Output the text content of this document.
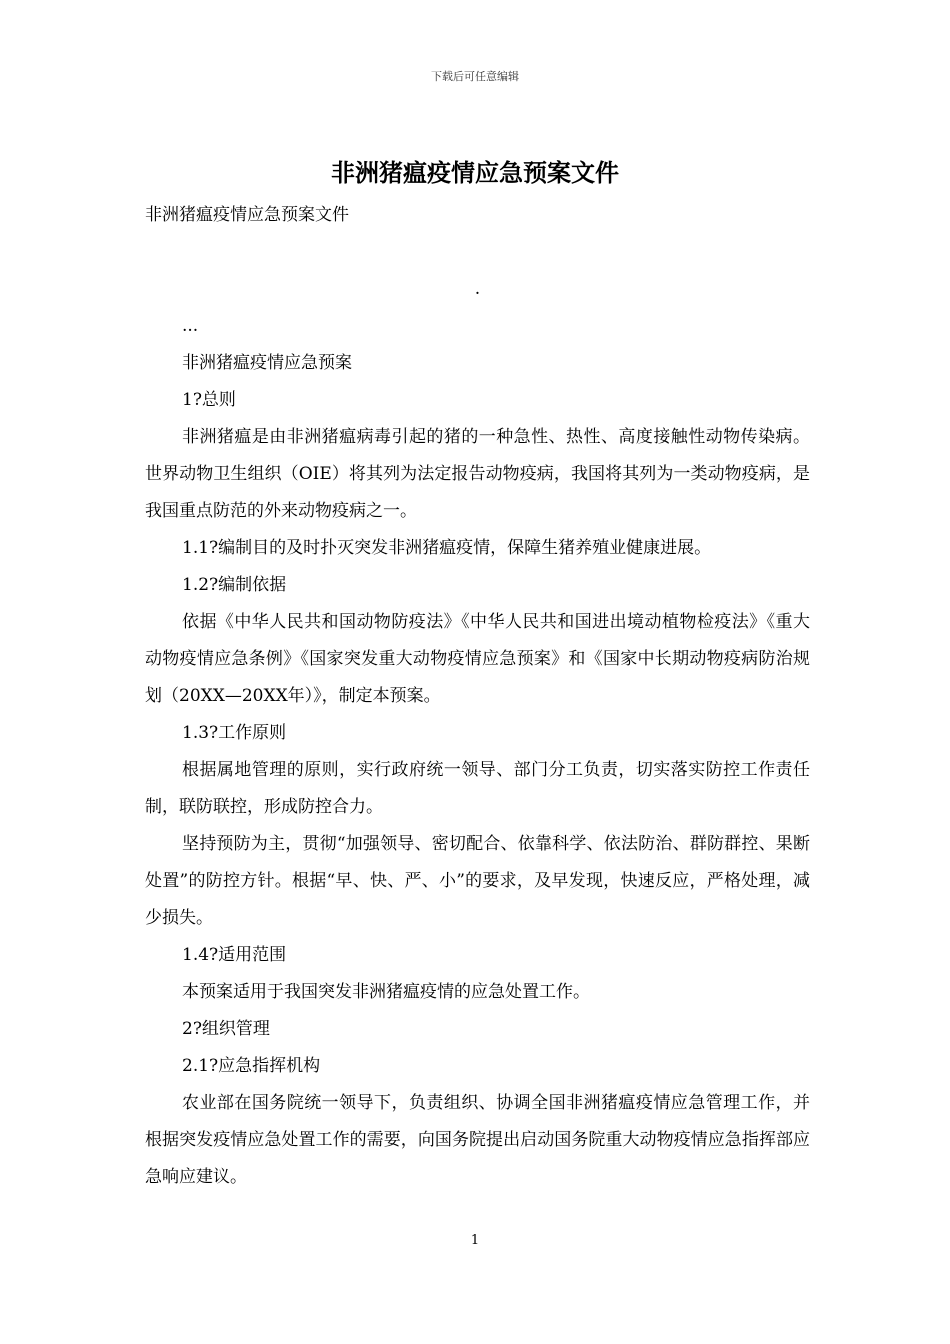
下载后可任意编辑
非洲猪瘟疫情应急预案文件

非洲猪瘟疫情应急预案文件

.

...

非洲猪瘟疫情应急预案

1?总则

非洲猪瘟是由非洲猪瘟病毒引起的猪的一种急性、热性、高度接触性动物传染病。世界动物卫生组织（OIE）将其列为法定报告动物疫病，我国将其列为一类动物疫病，是我国重点防范的外来动物疫病之一。

1.1?编制目的及时扑灭突发非洲猪瘟疫情，保障生猪养殖业健康进展。

1.2?编制依据

依据《中华人民共和国动物防疫法》《中华人民共和国进出境动植物检疫法》《重大动物疫情应急条例》《国家突发重大动物疫情应急预案》和《国家中长期动物疫病防治规划（20XX—20XX年）》，制定本预案。

1.3?工作原则

根据属地管理的原则，实行政府统一领导、部门分工负责，切实落实防控工作责任制，联防联控，形成防控合力。

坚持预防为主，贯彻“加强领导、密切配合、依靠科学、依法防治、群防群控、果断处置”的防控方针。根据“早、快、严、小”的要求，及早发现，快速反应，严格处理，减少损失。

1.4?适用范围

本预案适用于我国突发非洲猪瘟疫情的应急处置工作。

2?组织管理

2.1?应急指挥机构

农业部在国务院统一领导下，负责组织、协调全国非洲猪瘟疫情应急管理工作，并根据突发疫情应急处置工作的需要，向国务院提出启动国务院重大动物疫情应急指挥部应急响应建议。

1
